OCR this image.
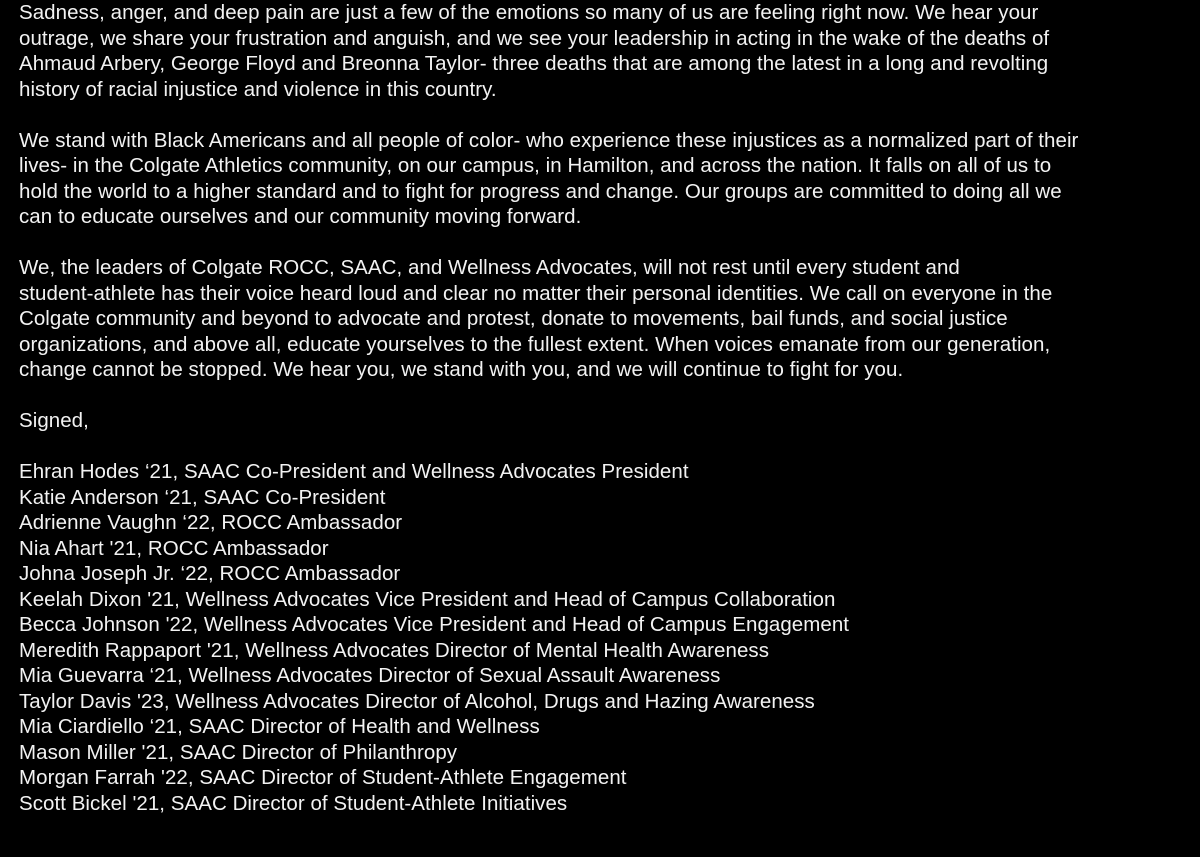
Sadness, anger, and deep pain are just a few of the emotions so many of us are feeling right now. We hear your
outrage, we share your frustration and anguish, and we see your leadership in acting in the wake of the deaths of
Ahmaud Arbery, George Floyd and Breonna Taylor- three deaths that are among the latest in a long and revolting
history of racial injustice and violence in this country.
We stand with Black Americans and all people of color- who experience these injustices as a normalized part of their
lives- in the Colgate Athletics community, on our campus, in Hamilton, and across the nation. It falls on all of us to
hold the world to a higher standard and to fight for progress and change. Our groups are committed to doing all we
can to educate ourselves and our community moving forward.
We, the leaders of Colgate ROCC, SAAC, and Wellness Advocates, will not rest until every student and
student-athlete has their voice heard loud and clear no matter their personal identities. We call on everyone in the
Colgate community and beyond to advocate and protest, donate to movements, bail funds, and social justice
organizations, and above all, educate yourselves to the fullest extent. When voices emanate from our generation,
change cannot be stopped. We hear you, we stand with you, and we will continue to fight for you.
Signed,
Ehran Hodes ‘21, SAAC Co-President and Wellness Advocates President
Katie Anderson ‘21, SAAC Co-President
Adrienne Vaughn ‘22, ROCC Ambassador
Nia Ahart '21, ROCC Ambassador
Johna Joseph Jr. ‘22, ROCC Ambassador
Keelah Dixon '21, Wellness Advocates Vice President and Head of Campus Collaboration
Becca Johnson '22, Wellness Advocates Vice President and Head of Campus Engagement
Meredith Rappaport '21, Wellness Advocates Director of Mental Health Awareness
Mia Guevarra ‘21, Wellness Advocates Director of Sexual Assault Awareness
Taylor Davis '23, Wellness Advocates Director of Alcohol, Drugs and Hazing Awareness
Mia Ciardiello ‘21, SAAC Director of Health and Wellness
Mason Miller '21, SAAC Director of Philanthropy
Morgan Farrah '22, SAAC Director of Student-Athlete Engagement
Scott Bickel '21, SAAC Director of Student-Athlete Initiatives
